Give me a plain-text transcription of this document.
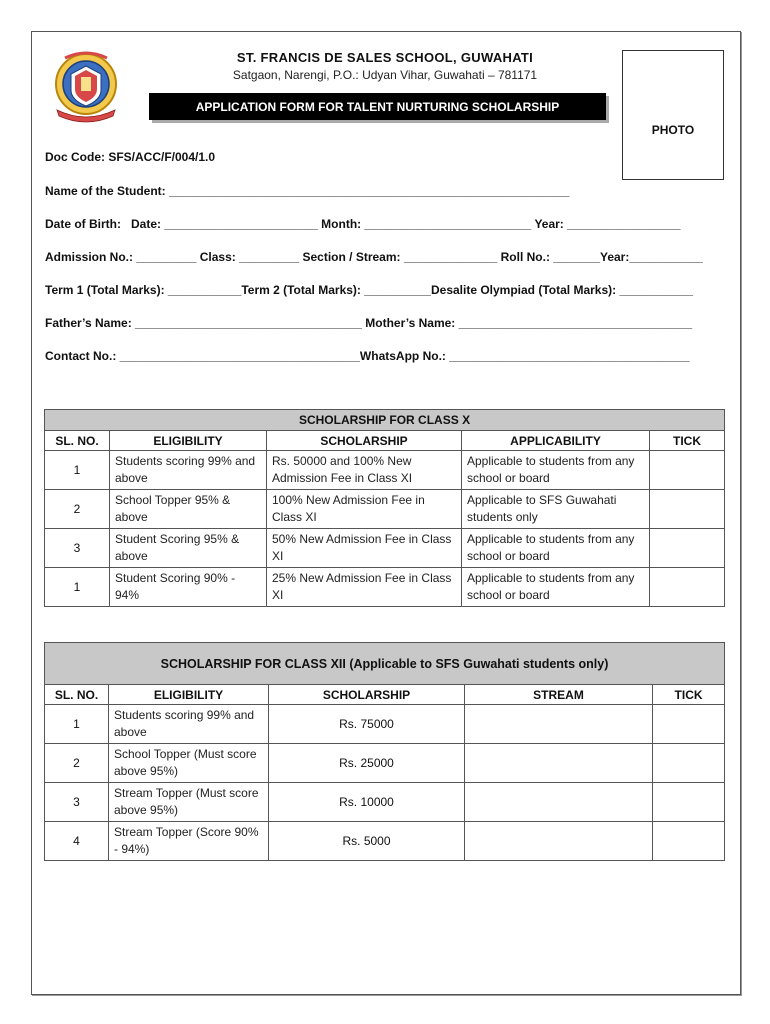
ST. FRANCIS DE SALES SCHOOL, GUWAHATI
Satgaon, Narengi, P.O.: Udyan Vihar, Guwahati – 781171
APPLICATION FORM FOR TALENT NURTURING SCHOLARSHIP
PHOTO
Doc Code: SFS/ACC/F/004/1.0
Name of the Student: ____________________________________________________________
Date of Birth:   Date: _______________________ Month: _________________________ Year: _________________
Admission No.: _________ Class: _________ Section / Stream: ______________ Roll No.: _______Year:___________
Term 1 (Total Marks): ___________Term 2 (Total Marks): __________Desalite Olympiad (Total Marks): ___________
Father’s Name: __________________________________ Mother’s Name: ___________________________________
Contact No.: ____________________________________WhatsApp No.: ____________________________________
SCHOLARSHIP FOR CLASS X				
SL. NO.	ELIGIBILITY	SCHOLARSHIP	APPLICABILITY	TICK
1	Students scoring 99% and above	Rs. 50000 and 100% New Admission Fee in Class XI	Applicable to students from any school or board	
2	School Topper 95% & above	100% New Admission Fee in Class XI	Applicable to SFS Guwahati students only	
3	Student Scoring 95% & above	50% New Admission Fee in Class XI	Applicable to students from any school or board	
1	Student Scoring 90% - 94%	25% New Admission Fee in Class XI	Applicable to students from any school or board	
SCHOLARSHIP FOR CLASS XII (Applicable to SFS Guwahati students only)				
SL. NO.	ELIGIBILITY	SCHOLARSHIP	STREAM	TICK
1	Students scoring 99% and above	Rs. 75000		
2	School Topper (Must score above 95%)	Rs. 25000		
3	Stream Topper (Must score above 95%)	Rs. 10000		
4	Stream Topper (Score 90% - 94%)	Rs. 5000		
